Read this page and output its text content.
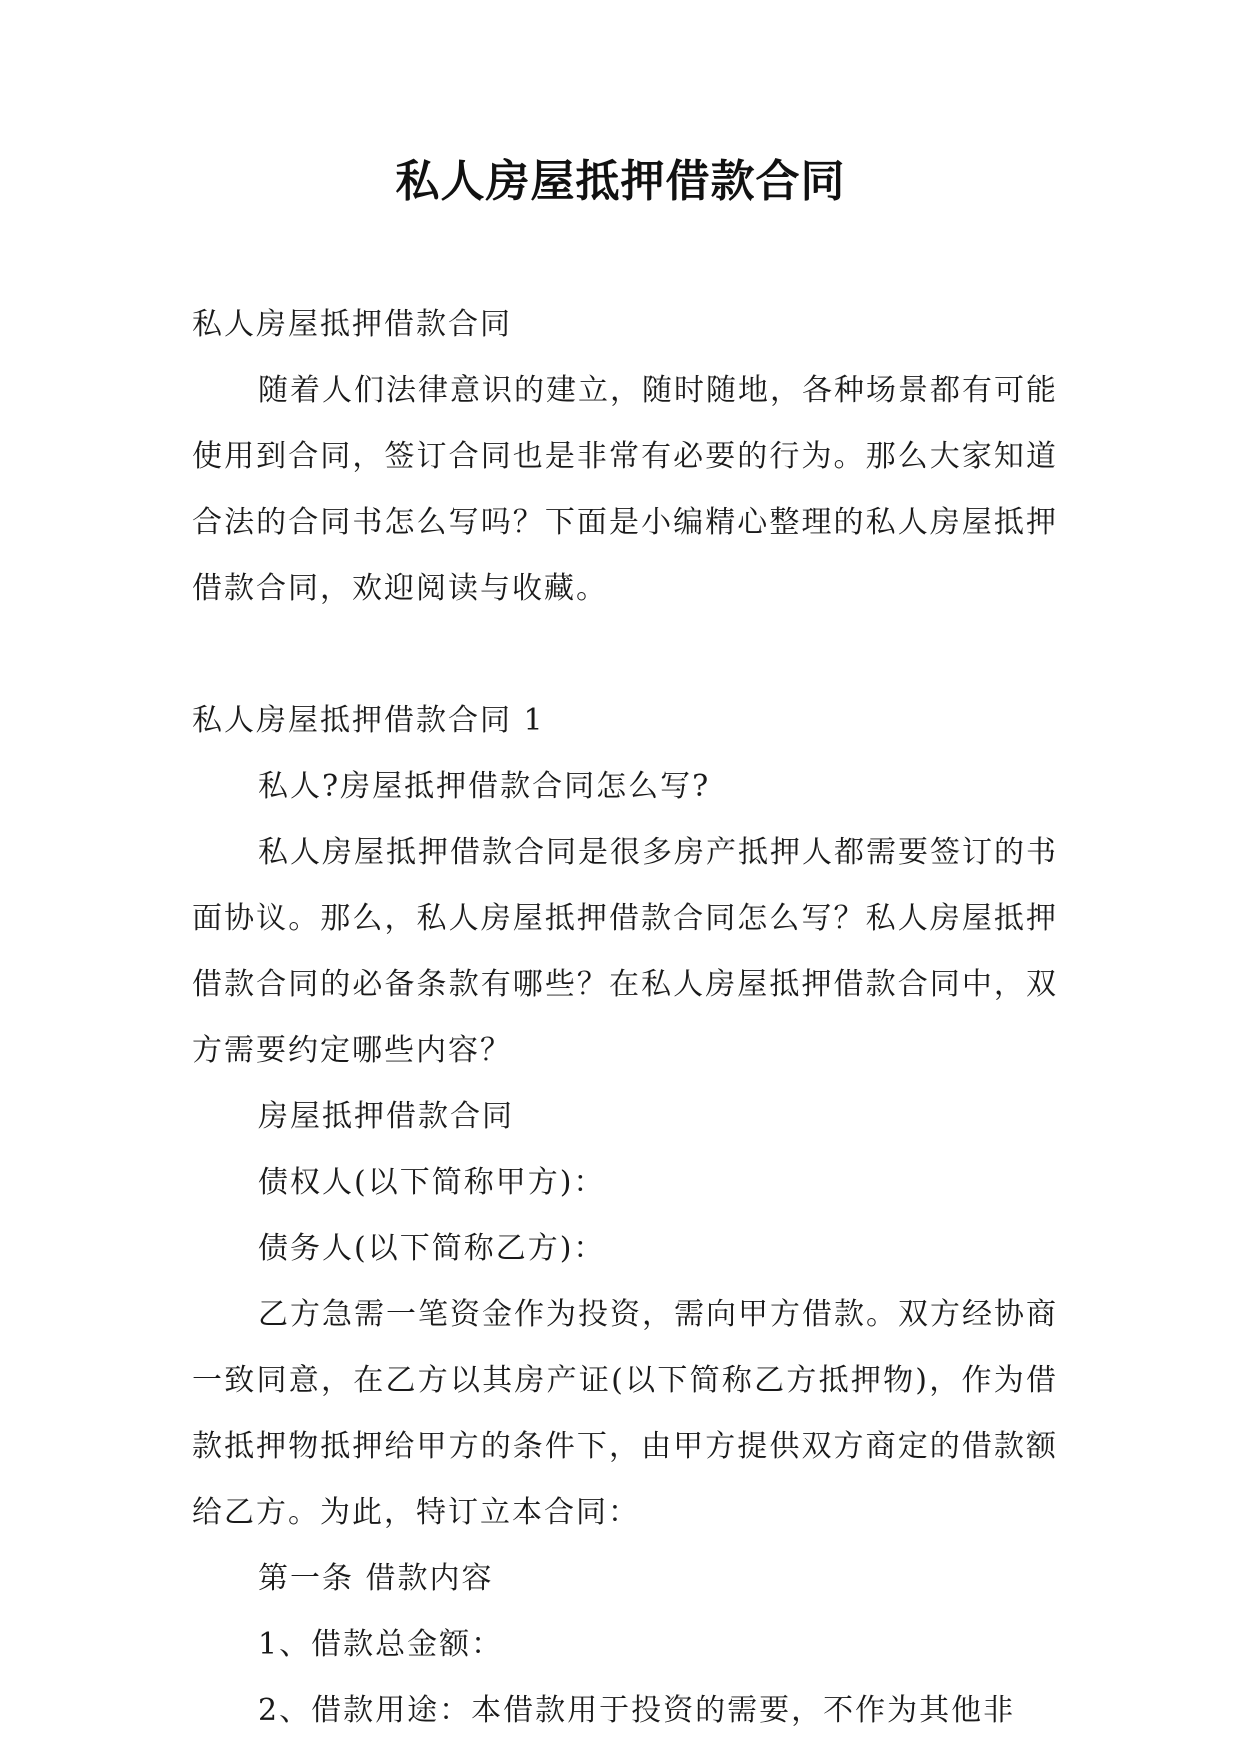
私人房屋抵押借款合同

私人房屋抵押借款合同

随着人们法律意识的建立，随时随地，各种场景都有可能使用到合同，签订合同也是非常有必要的行为。那么大家知道合法的合同书怎么写吗？下面是小编精心整理的私人房屋抵押借款合同，欢迎阅读与收藏。

私人房屋抵押借款合同 1

私人?房屋抵押借款合同怎么写?

私人房屋抵押借款合同是很多房产抵押人都需要签订的书面协议。那么，私人房屋抵押借款合同怎么写？私人房屋抵押借款合同的必备条款有哪些？在私人房屋抵押借款合同中，双方需要约定哪些内容？

房屋抵押借款合同

债权人(以下简称甲方)：

债务人(以下简称乙方)：

乙方急需一笔资金作为投资，需向甲方借款。双方经协商一致同意，在乙方以其房产证(以下简称乙方抵押物)，作为借款抵押物抵押给甲方的条件下，由甲方提供双方商定的借款额给乙方。为此，特订立本合同：

第一条 借款内容

1、借款总金额：

2、借款用途：本借款用于投资的需要，不作为其他非
